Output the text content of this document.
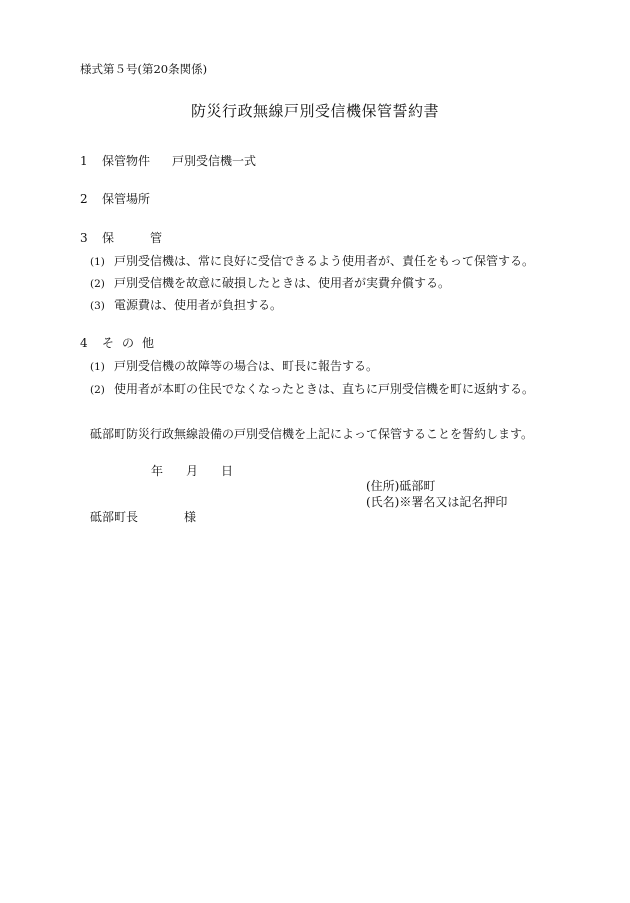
様式第５号(第20条関係)
防災行政無線戸別受信機保管誓約書
1 保管物件 戸別受信機一式
2 保管場所
3 保	管
(1) 戸別受信機は、常に良好に受信できるよう使用者が、責任をもって保管する。
(2) 戸別受信機を故意に破損したときは、使用者が実費弁償する。
(3) 電源費は、使用者が負担する。
4 そ の 他
(1) 戸別受信機の故障等の場合は、町長に報告する。
(2) 使用者が本町の住民でなくなったときは、直ちに戸別受信機を町に返納する。
砥部町防災行政無線設備の戸別受信機を上記によって保管することを誓約します。
年 月 日
(住所)砥部町
(氏名)※署名又は記名押印
砥部町長	様
